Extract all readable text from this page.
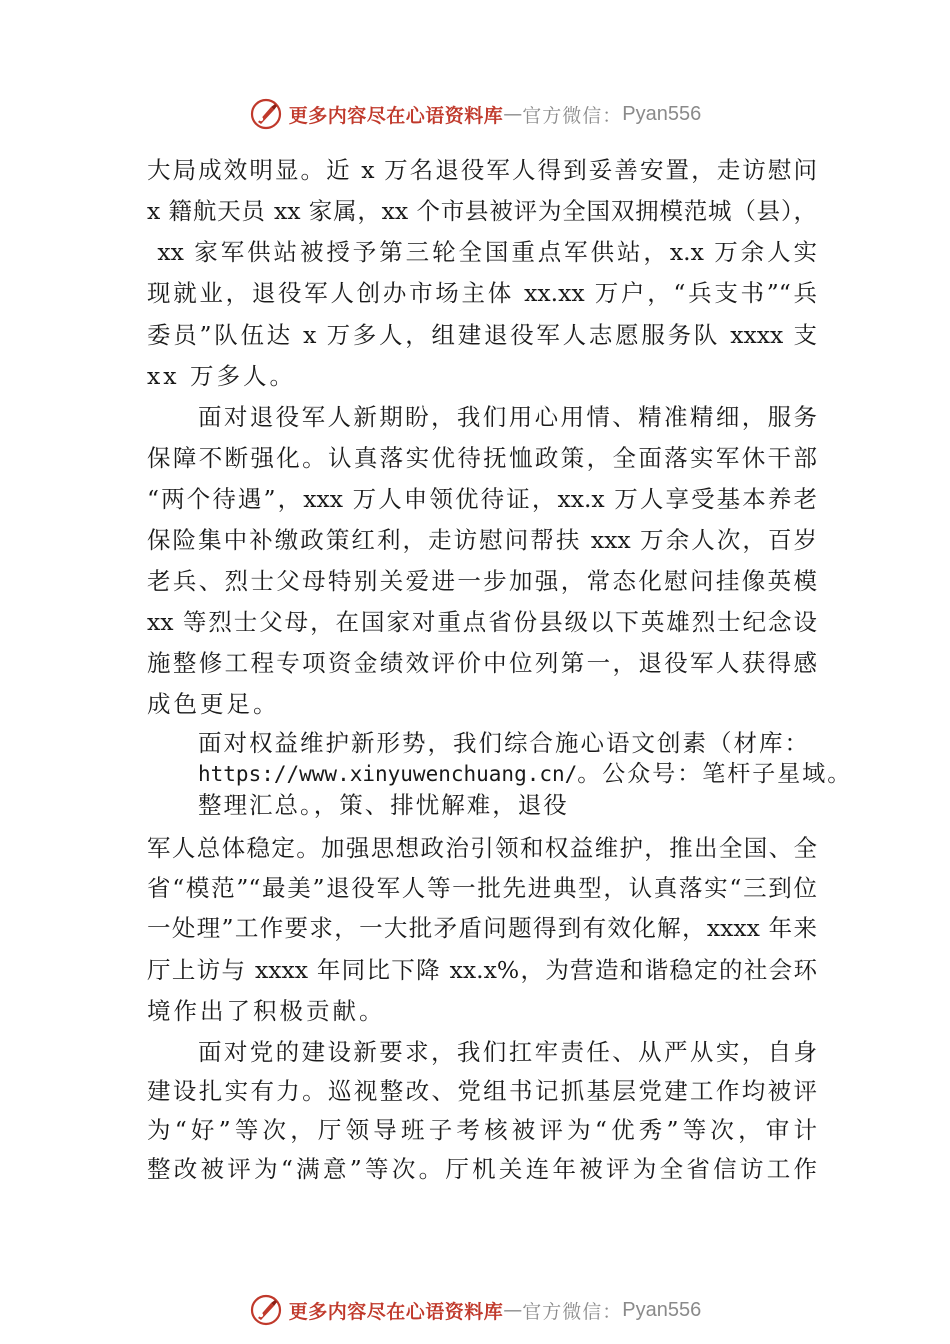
更多内容尽在心语资料库 — 官方微信： Pyan556
大局成效明显。近 x 万名退役军人得到妥善安置，走访慰问
x 籍航天员 xx 家属，xx 个市县被评为全国双拥模范城（县），
xx 家军供站被授予第三轮全国重点军供站，x.x 万余人实
现就业，退役军人创办市场主体 xx.xx 万户，“兵支书”“兵
委员”队伍达 x 万多人，组建退役军人志愿服务队 xxxx 支
xx 万多人。
面对退役军人新期盼，我们用心用情、精准精细，服务
保障不断强化。认真落实优待抚恤政策，全面落实军休干部
“两个待遇”，xxx 万人申领优待证，xx.x 万人享受基本养老
保险集中补缴政策红利，走访慰问帮扶 xxx 万余人次，百岁
老兵、烈士父母特别关爱进一步加强，常态化慰问挂像英模
xx 等烈士父母，在国家对重点省份县级以下英雄烈士纪念设
施整修工程专项资金绩效评价中位列第一，退役军人获得感
成色更足。
面对权益维护新形势，我们综合施心语文创素（材库：
https://www.xinyuwenchuang.cn/。公众号：笔杆子星域。
整理汇总。，策、排忧解难，退役
军人总体稳定。加强思想政治引领和权益维护，推出全国、全
省“模范”“最美”退役军人等一批先进典型，认真落实“三到位
一处理”工作要求，一大批矛盾问题得到有效化解，xxxx 年来
厅上访与 xxxx 年同比下降 xx.x%，为营造和谐稳定的社会环
境作出了积极贡献。
面对党的建设新要求，我们扛牢责任、从严从实，自身
建设扎实有力。巡视整改、党组书记抓基层党建工作均被评
为“好”等次，厅领导班子考核被评为“优秀”等次，审计
整改被评为“满意”等次。厅机关连年被评为全省信访工作
更多内容尽在心语资料库 — 官方微信： Pyan556
